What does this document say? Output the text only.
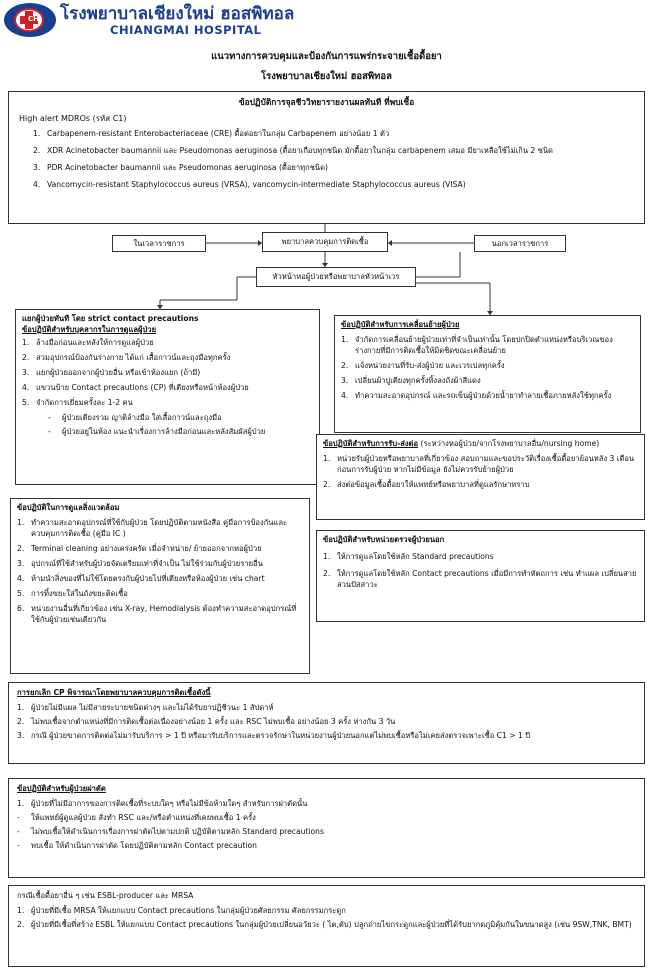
CH โรงพยาบาลเชียงใหม่ ฮอสพิทอล
CHIANGMAI HOSPITAL
แนวทางการควบคุมและป้องกันการแพร่กระจายเชื้อดื้อยา
โรงพยาบาลเชียงใหม่ ฮอสพิทอล
ข้อปฏิบัติการจุลชีววิทยารายงานผลทันที ที่พบเชื้อ
High alert MDROs (รหัส C1)
1. Carbapenem-resistant Enterobacteriaceae (CRE) ดื้อต่อยาในกลุ่ม Carbapenem อย่างน้อย 1 ตัว
2. XDR Acinetobacter baumannii และ Pseudomonas aeruginosa (ดื้อยาเกือบทุกชนิด มักดื้อยาในกลุ่ม carbapenem เสมอ มียาเหลือใช้ไม่เกิน 2 ชนิด
3. PDR Acinetobacter baumannii และ Pseudomonas aeruginosa (ดื้อยาทุกชนิด)
4. Vancomycin-resistant Staphylococcus aureus (VRSA), vancomycin-intermediate Staphylococcus aureus (VISA)
ในเวลาราชการ	พยาบาลควบคุมการติดเชื้อ	นอกเวลาราชการ
หัวหน้าหอผู้ป่วยหรือพยาบาลหัวหน้าเวร
แยกผู้ป่วยทันที โดย strict contact precautions
ข้อปฏิบัติสำหรับบุคลากรในการดูแลผู้ป่วย
1. ล้างมือก่อนและหลังให้การดูแลผู้ป่วย
2. สวมอุปกรณ์ป้องกันร่างกาย ได้แก่ เสื้อกาวน์และถุงมือทุกครั้ง
3. แยกผู้ป่วยออกจากผู้ป่วยอื่น หรือเข้าห้องแยก (ถ้ามี)
4. แขวนป้าย Contact precautions (CP) ที่เตียงหรือหน้าห้องผู้ป่วย
5. จำกัดการเยี่ยมครั้งละ 1-2 คน
-	ผู้ป่วยเตียงรวม ญาติล้างมือ ใส่เสื้อกาวน์และถุงมือ
-	ผู้ป่วยอยู่ในห้อง แนะนำเรื่องการล้างมือก่อนและหลังสัมผัสผู้ป่วย
ข้อปฏิบัติสำหรับการเคลื่อนย้ายผู้ป่วย
1. จำกัดการเคลื่อนย้ายผู้ป่วยเท่าที่จำเป็นเท่านั้น โดยปกปิดตำแหน่งหรือบริเวณของร่างกายที่มีการติดเชื้อให้มิดชิดขณะเคลื่อนย้าย
2. แจ้งหน่วยงานที่รับ-ส่งผู้ป่วย และเวรเปลทุกครั้ง
3. เปลี่ยนผ้าปูเตียงทุกครั้งทิ้งลงถังผ้าสีแดง
4. ทำความสะอาดอุปกรณ์ และรถเข็นผู้ป่วยด้วยน้ำยาทำลายเชื้อภายหลังใช้ทุกครั้ง
ข้อปฏิบัติสำหรับการรับ-ส่งต่อ (ระหว่างหอผู้ป่วย/จากโรงพยาบาลอื่น/nursing home)
1. หน่วยรับผู้ป่วยหรือพยาบาลที่เกี่ยวข้อง สอบถามและขอประวัติเรื่องเชื้อดื้อยาย้อนหลัง 3 เดือน ก่อนการรับผู้ป่วย หากไม่มีข้อมูล ยังไม่ควรรับย้ายผู้ป่วย
2. ส่งต่อข้อมูลเชื้อดื้อยาให้แพทย์หรือพยาบาลที่ดูแลรักษาทราบ
ข้อปฏิบัติในการดูแลสิ่งแวดล้อม
1. ทำความสะอาดอุปกรณ์ที่ใช้กับผู้ป่วย โดยปฏิบัติตามหนังสือ คู่มือการป้องกันและควบคุมการติดเชื้อ (คู่มือ IC )
2. Terminal cleaning อย่างเคร่งครัด เมื่อจำหน่าย/ ย้ายออกจากหอผู้ป่วย
3. อุปกรณ์ที่ใช้สำหรับผู้ป่วยจัดเตรียมเท่าที่จำเป็น ไม่ใช้ร่วมกับผู้ป่วยรายอื่น
4. ห้ามนำสิ่งของที่ไม่ใช้โดยตรงกับผู้ป่วยไปที่เตียงหรือห้องผู้ป่วย เช่น chart
5. การทิ้งขยะใส่ในถังขยะติดเชื้อ
6. หน่วยงานอื่นที่เกี่ยวข้อง เช่น X-ray, Hemodialysis ต้องทำความสะอาดอุปกรณ์ที่ใช้กับผู้ป่วยเช่นเดียวกัน
ข้อปฏิบัติสำหรับหน่วยตรวจผู้ป่วยนอก
1. ให้การดูแลโดยใช้หลัก Standard precautions
2. ให้การดูแลโดยใช้หลัก Contact precautions เมื่อมีการทำหัตถการ เช่น ทำแผล เปลี่ยนสายสวนปัสสาวะ
การยกเลิก CP พิจารณาโดยพยาบาลควบคุมการติดเชื้อดังนี้
1. ผู้ป่วยไม่มีแผล ไม่มีสายระบายชนิดต่างๆ และไม่ได้รับยาปฏิชีวนะ 1 สัปดาห์
2. ไม่พบเชื้อจากตำแหน่งที่มีการติดเชื้อต่อเนื่องอย่างน้อย 1 ครั้ง และ RSC ไม่พบเชื้อ อย่างน้อย 3 ครั้ง ห่างกัน 3 วัน
3. กรณี ผู้ป่วยขาดการติดต่อไม่มารับบริการ > 1 ปี หรือมารับบริการและตรวจรักษาในหน่วยงานผู้ป่วยนอกแต่ไม่พบเชื้อหรือไม่เคยส่งตรวจเพาะเชื้อ C1 > 1 ปี
ข้อปฏิบัติสำหรับผู้ป่วยผ่าตัด
1. ผู้ป่วยที่ไม่มีอาการของการติดเชื้อที่ระบบใดๆ หรือไม่มีข้อห้ามใดๆ สำหรับการผ่าตัดนั้น
-	ให้แพทย์ผู้ดูแลผู้ป่วย สั่งทำ RSC และ/หรือตำแหน่งที่เคยพบเชื้อ 1 ครั้ง
-	ไม่พบเชื้อให้ดำเนินการเรื่องการผ่าตัดไปตามปกติ ปฏิบัติตามหลัก Standard precautions
-	พบเชื้อ ให้ดำเนินการผ่าตัด โดยปฏิบัติตามหลัก Contact precaution
กรณีเชื้อดื้อยาอื่น ๆ เช่น ESBL-producer และ MRSA
1. ผู้ป่วยที่มีเชื้อ MRSA ให้แยกแบบ Contact precautions ในกลุ่มผู้ป่วยศัลยกรรม ศัลยกรรมกระดูก
2. ผู้ป่วยที่มีเชื้อที่สร้าง ESBL ให้แยกแบบ Contact precautions ในกลุ่มผู้ป่วยเปลี่ยนอวัยวะ ( ไต,ตับ) ปลูกถ่ายไขกระดูกและผู้ป่วยที่ได้รับยากดภูมิคุ้มกันในขนาดสูง (เช่น 9SW,TNK, BMT)
